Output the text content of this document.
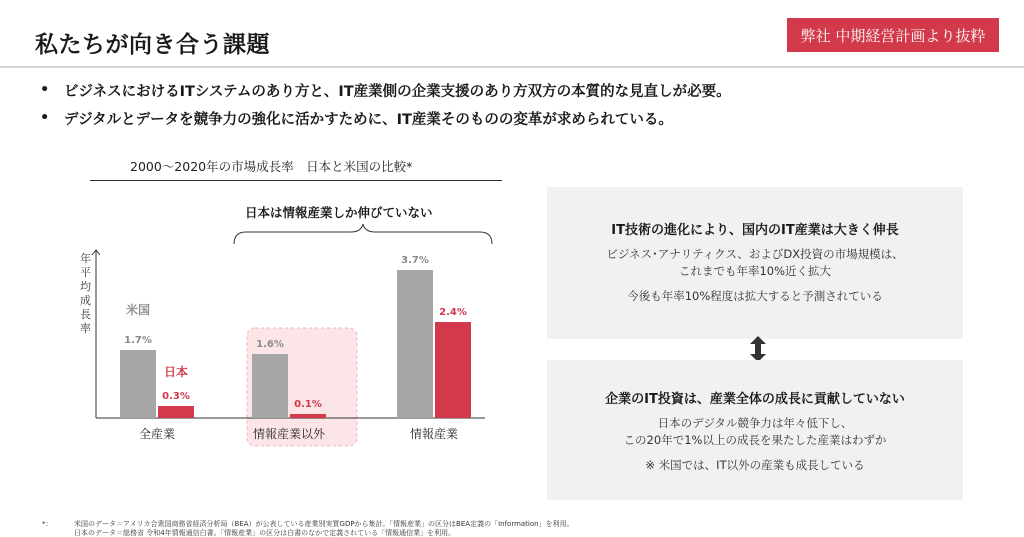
私たちが向き合う課題	弊社 中期経営計画より抜粋
•	ビジネスにおけるITシステムのあり方と、IT産業側の企業支援のあり方双方の本質的な見直しが必要。
•	デジタルとデータを競争力の強化に活かすために、IT産業そのものの変革が求められている。
2000〜2020年の市場成長率　日本と米国の比較*
日本は情報産業しか伸びていない
年平均成長率
1.7%	1.6%
3.7%
0.3%
0.1%
2.4%
米国
日本
全産業	情報産業以外	情報産業
IT技術の進化により、国内のIT産業は大きく伸長
ビジネス･アナリティクス、およびDX投資の市場規模は、
これまでも年率10%近く拡大
今後も年率10%程度は拡大すると予測されている
企業のIT投資は、産業全体の成長に貢献していない
日本のデジタル競争力は年々低下し、
この20年で1%以上の成長を果たした産業はわずか
※ 米国では、IT以外の産業も成長している
*：	米国のデータ＝アメリカ合衆国商務省経済分析局（BEA）が公表している産業別実質GDPから集計。「情報産業」の区分はBEA定義の「Information」を利用。
日本のデータ＝総務省 令和4年情報通信白書。「情報産業」の区分は白書のなかで定義されている「情報通信業」を利用。
